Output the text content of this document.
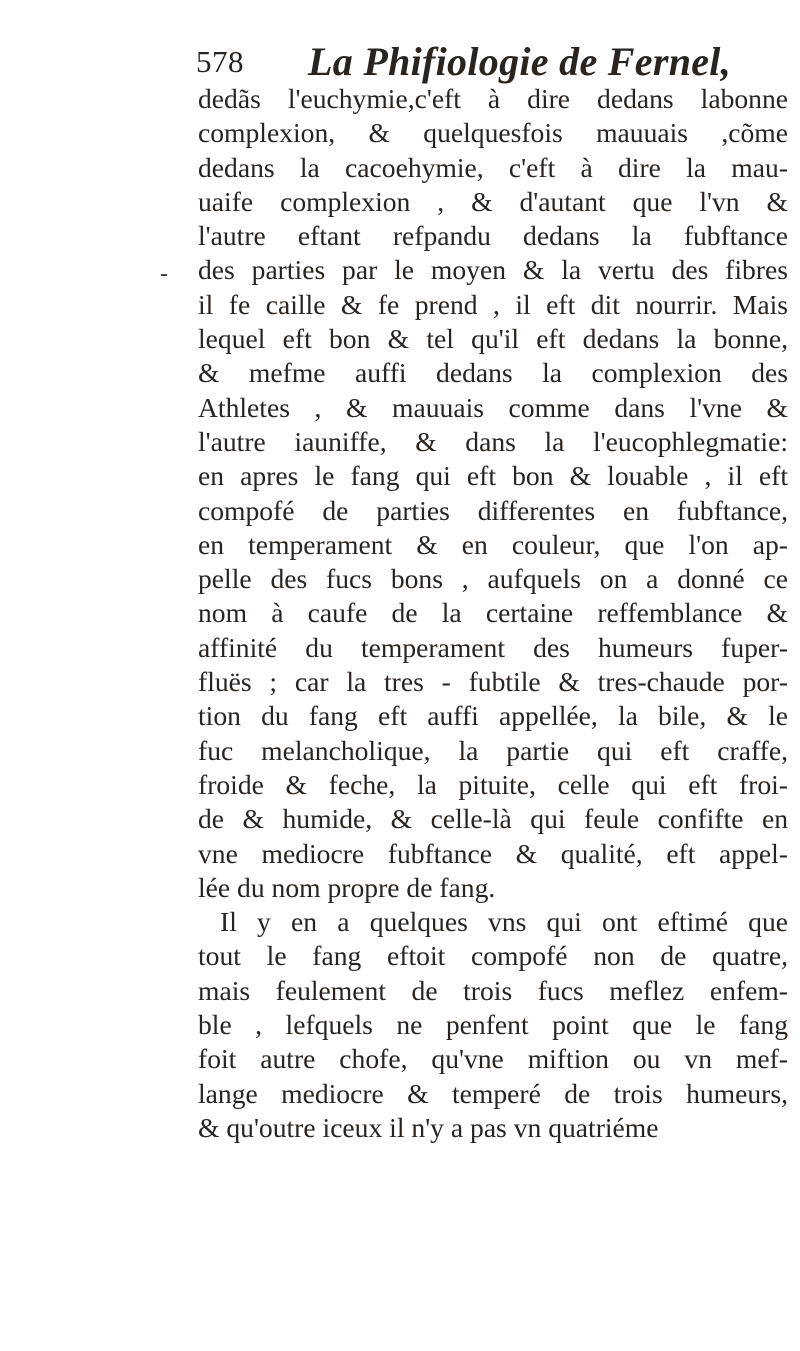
578 La Phifiologie de Fernel,
-
dedãs l'euchymie,c'eft à dire dedans labonne
complexion, & quelquesfois mauuais ,cõme
dedans la cacoehymie, c'eft à dire la mau-
uaife complexion , & d'autant que l'vn &
l'autre eftant refpandu dedans la fubftance
des parties par le moyen & la vertu des fibres
il fe caille & fe prend , il eft dit nourrir. Mais
lequel eft bon & tel qu'il eft dedans la bonne,
& mefme auffi dedans la complexion des
Athletes , & mauuais comme dans l'vne &
l'autre iauniffe, & dans la l'eucophlegmatie:
en apres le fang qui eft bon & louable , il eft
compofé de parties differentes en fubftance,
en temperament & en couleur, que l'on ap-
pelle des fucs bons , aufquels on a donné ce
nom à caufe de la certaine reffemblance &
affinité du temperament des humeurs fuper-
fluës ; car la tres - fubtile & tres-chaude por-
tion du fang eft auffi appellée, la bile, & le
fuc melancholique, la partie qui eft craffe,
froide & feche, la pituite, celle qui eft froi-
de & humide, & celle-là qui feule confifte en
vne mediocre fubftance & qualité, eft appel-
lée du nom propre de fang.
Il y en a quelques vns qui ont eftimé que
tout le fang eftoit compofé non de quatre,
mais feulement de trois fucs meflez enfem-
ble , lefquels ne penfent point que le fang
foit autre chofe, qu'vne miftion ou vn mef-
lange mediocre & temperé de trois humeurs,
& qu'outre iceux il n'y a pas vn quatriéme
